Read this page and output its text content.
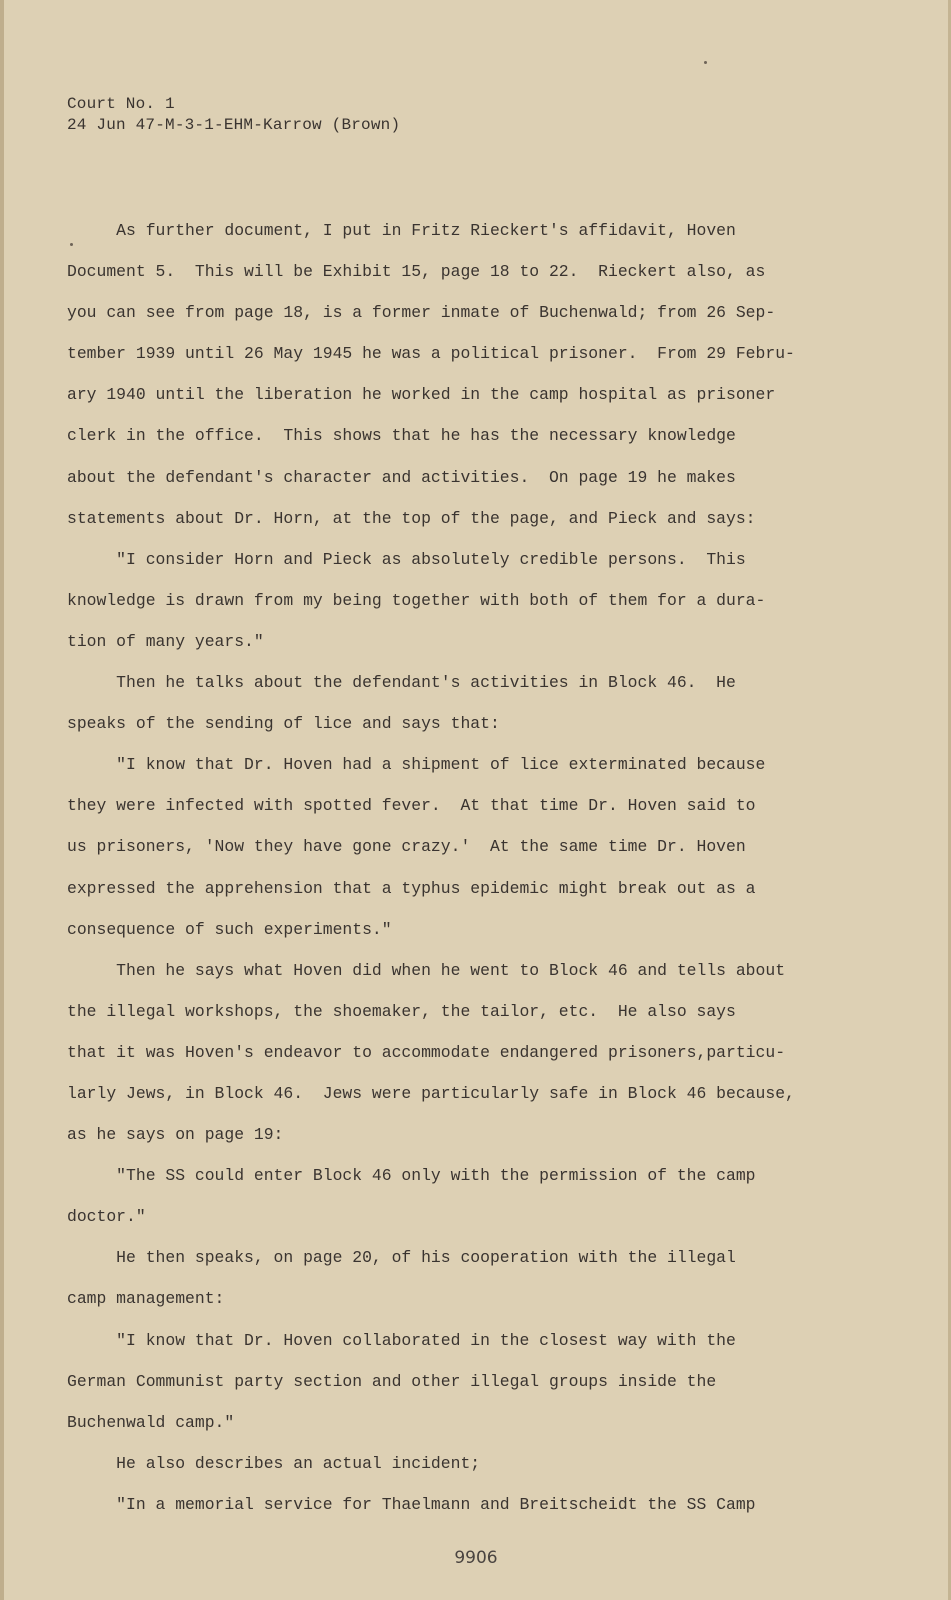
Court No. 1
24 Jun 47-M-3-1-EHM-Karrow (Brown)
As further document, I put in Fritz Rieckert's affidavit, Hoven
Document 5.  This will be Exhibit 15, page 18 to 22.  Rieckert also, as
you can see from page 18, is a former inmate of Buchenwald; from 26 Sep-
tember 1939 until 26 May 1945 he was a political prisoner.  From 29 Febru-
ary 1940 until the liberation he worked in the camp hospital as prisoner
clerk in the office.  This shows that he has the necessary knowledge
about the defendant's character and activities.  On page 19 he makes
statements about Dr. Horn, at the top of the page, and Pieck and says:
"I consider Horn and Pieck as absolutely credible persons.  This
knowledge is drawn from my being together with both of them for a dura-
tion of many years."
Then he talks about the defendant's activities in Block 46.  He
speaks of the sending of lice and says that:
"I know that Dr. Hoven had a shipment of lice exterminated because
they were infected with spotted fever.  At that time Dr. Hoven said to
us prisoners, 'Now they have gone crazy.'  At the same time Dr. Hoven
expressed the apprehension that a typhus epidemic might break out as a
consequence of such experiments."
Then he says what Hoven did when he went to Block 46 and tells about
the illegal workshops, the shoemaker, the tailor, etc.  He also says
that it was Hoven's endeavor to accommodate endangered prisoners,particu-
larly Jews, in Block 46.  Jews were particularly safe in Block 46 because,
as he says on page 19:
"The SS could enter Block 46 only with the permission of the camp
doctor."
He then speaks, on page 20, of his cooperation with the illegal
camp management:
"I know that Dr. Hoven collaborated in the closest way with the
German Communist party section and other illegal groups inside the
Buchenwald camp."
He also describes an actual incident;
"In a memorial service for Thaelmann and Breitscheidt the SS Camp
9906
